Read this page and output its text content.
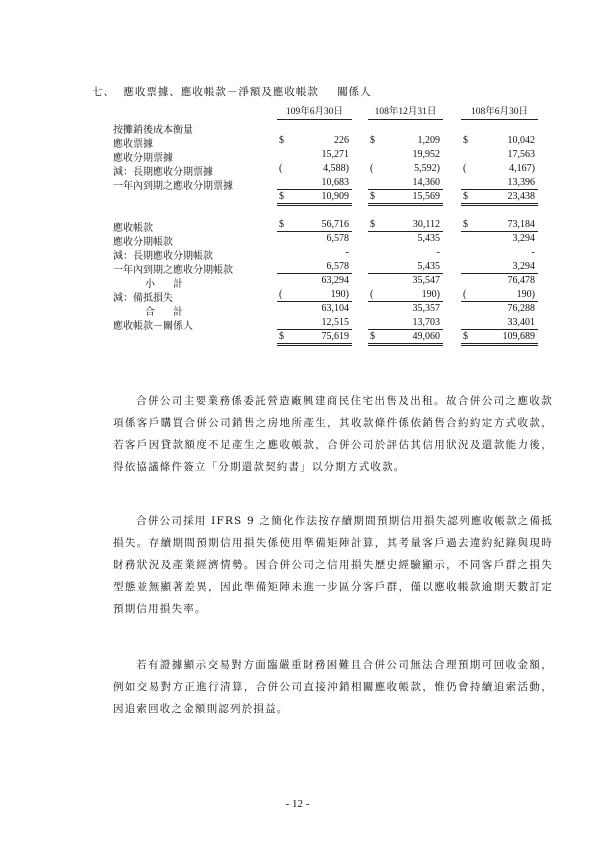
七、 應收票據、應收帳款－淨額及應收帳款 關係人
109年6月30日	108年12月31日	108年6月30日
按攤銷後成本衡量
應收票據	$	226 $	1,209 $	10,042
應收分期票據	15,271	19,952	17,563
減：長期應收分期票據	(	4,588) (	5,592) (	4,167)
一年內到期之應收分期票據	10,683	14,360	13,396
$	10,909 $	15,569 $	23,438
應收帳款	$	56,716 $	30,112 $	73,184
應收分期帳款	6,578	5,435	3,294
減：長期應收分期帳款	-	-	-
一年內到期之應收分期帳款	6,578	5,435	3,294
小計	63,294	35,547	76,478
減：備抵損失	(	190) (	190) (	190)
合計	63,104	35,357	76,288
應收帳款－關係人	12,515	13,703	33,401
$	75,619 $	49,060 $	109,689
合併公司主要業務係委託營造廠興建商民住宅出售及出租。故合併公司之應收款項係客戶購買合併公司銷售之房地所產生，其收款條件係依銷售合約約定方式收款，若客戶因貸款額度不足產生之應收帳款，合併公司於評估其信用狀況及還款能力後，得依協議條件簽立「分期還款契約書」以分期方式收款。
合併公司採用 IFRS 9 之簡化作法按存續期間預期信用損失認列應收帳款之備抵損失。存續期間預期信用損失係使用準備矩陣計算，其考量客戶過去違約紀錄與現時財務狀況及產業經濟情勢。因合併公司之信用損失歷史經驗顯示，不同客戶群之損失型態並無顯著差異，因此準備矩陣未進一步區分客戶群，僅以應收帳款逾期天數訂定預期信用損失率。
若有證據顯示交易對方面臨嚴重財務困難且合併公司無法合理預期可回收金額，例如交易對方正進行清算，合併公司直接沖銷相關應收帳款，惟仍會持續追索活動，因追索回收之金額則認列於損益。
- 12 -
